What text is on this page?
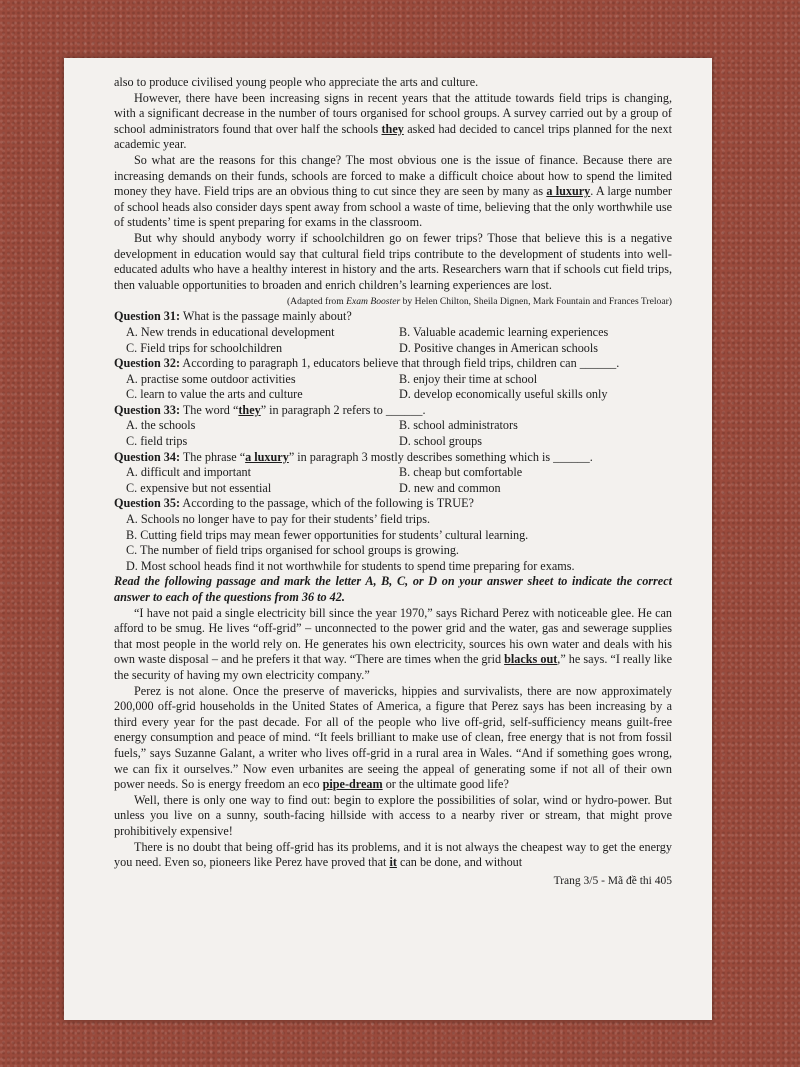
also to produce civilised young people who appreciate the arts and culture.

However, there have been increasing signs in recent years that the attitude towards field trips is changing, with a significant decrease in the number of tours organised for school groups. A survey carried out by a group of school administrators found that over half the schools they asked had decided to cancel trips planned for the next academic year.

So what are the reasons for this change? The most obvious one is the issue of finance. Because there are increasing demands on their funds, schools are forced to make a difficult choice about how to spend the limited money they have. Field trips are an obvious thing to cut since they are seen by many as a luxury. A large number of school heads also consider days spent away from school a waste of time, believing that the only worthwhile use of students’ time is spent preparing for exams in the classroom.

But why should anybody worry if schoolchildren go on fewer trips? Those that believe this is a negative development in education would say that cultural field trips contribute to the development of students into well-educated adults who have a healthy interest in history and the arts. Researchers warn that if schools cut field trips, then valuable opportunities to broaden and enrich children’s learning experiences are lost.

(Adapted from Exam Booster by Helen Chilton, Sheila Dignen, Mark Fountain and Frances Treloar)
Question 31: What is the passage mainly about?
A. New trends in educational development	B. Valuable academic learning experiences
C. Field trips for schoolchildren	D. Positive changes in American schools
Question 32: According to paragraph 1, educators believe that through field trips, children can ______.
A. practise some outdoor activities	B. enjoy their time at school
C. learn to value the arts and culture	D. develop economically useful skills only
Question 33: The word “they” in paragraph 2 refers to ______.
A. the schools	B. school administrators
C. field trips	D. school groups
Question 34: The phrase “a luxury” in paragraph 3 mostly describes something which is ______.
A. difficult and important	B. cheap but comfortable
C. expensive but not essential	D. new and common
Question 35: According to the passage, which of the following is TRUE?
A. Schools no longer have to pay for their students’ field trips.
B. Cutting field trips may mean fewer opportunities for students’ cultural learning.
C. The number of field trips organised for school groups is growing.
D. Most school heads find it not worthwhile for students to spend time preparing for exams.

Read the following passage and mark the letter A, B, C, or D on your answer sheet to indicate the correct answer to each of the questions from 36 to 42.

“I have not paid a single electricity bill since the year 1970,” says Richard Perez with noticeable glee. He can afford to be smug. He lives “off-grid” – unconnected to the power grid and the water, gas and sewerage supplies that most people in the world rely on. He generates his own electricity, sources his own water and deals with his own waste disposal – and he prefers it that way. “There are times when the grid blacks out,” he says. “I really like the security of having my own electricity company.”

Perez is not alone. Once the preserve of mavericks, hippies and survivalists, there are now approximately 200,000 off-grid households in the United States of America, a figure that Perez says has been increasing by a third every year for the past decade. For all of the people who live off-grid, self-sufficiency means guilt-free energy consumption and peace of mind. “It feels brilliant to make use of clean, free energy that is not from fossil fuels,” says Suzanne Galant, a writer who lives off-grid in a rural area in Wales. “And if something goes wrong, we can fix it ourselves.” Now even urbanites are seeing the appeal of generating some if not all of their own power needs. So is energy freedom an eco pipe-dream or the ultimate good life?

Well, there is only one way to find out: begin to explore the possibilities of solar, wind or hydro-power. But unless you live on a sunny, south-facing hillside with access to a nearby river or stream, that might prove prohibitively expensive!

There is no doubt that being off-grid has its problems, and it is not always the cheapest way to get the energy you need. Even so, pioneers like Perez have proved that it can be done, and without

Trang 3/5 - Mã đề thi 405
